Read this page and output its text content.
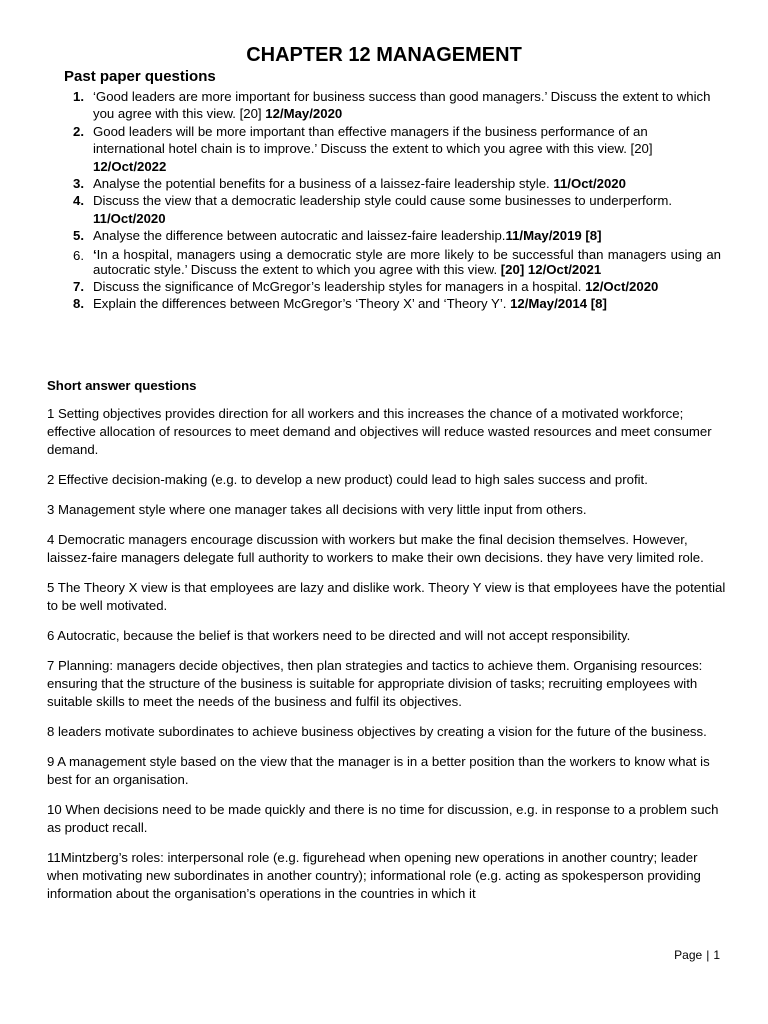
CHAPTER 12 MANAGEMENT
Past paper questions
1. ‘Good leaders are more important for business success than good managers.’ Discuss the extent to which you agree with this view. [20] 12/May/2020
2. Good leaders will be more important than effective managers if the business performance of an international hotel chain is to improve.’ Discuss the extent to which you agree with this view. [20] 12/Oct/2022
3. Analyse the potential benefits for a business of a laissez-faire leadership style. 11/Oct/2020
4. Discuss the view that a democratic leadership style could cause some businesses to underperform. 11/Oct/2020
5. Analyse the difference between autocratic and laissez-faire leadership.11/May/2019 [8]
6. ‘In a hospital, managers using a democratic style are more likely to be successful than managers using an autocratic style.’ Discuss the extent to which you agree with this view. [20] 12/Oct/2021
7. Discuss the significance of McGregor’s leadership styles for managers in a hospital. 12/Oct/2020
8. Explain the differences between McGregor’s ‘Theory X’ and ‘Theory Y’. 12/May/2014 [8]
Short answer questions

1 Setting objectives provides direction for all workers and this increases the chance of a motivated workforce; effective allocation of resources to meet demand and objectives will reduce wasted resources and meet consumer demand.

2 Effective decision-making (e.g. to develop a new product) could lead to high sales success and profit.

3 Management style where one manager takes all decisions with very little input from others.

4 Democratic managers encourage discussion with workers but make the final decision themselves. However, laissez-faire managers delegate full authority to workers to make their own decisions. they have very limited role.

5 The Theory X view is that employees are lazy and dislike work. Theory Y view is that employees have the potential to be well motivated.

6 Autocratic, because the belief is that workers need to be directed and will not accept responsibility.

7 Planning: managers decide objectives, then plan strategies and tactics to achieve them. Organising resources: ensuring that the structure of the business is suitable for appropriate division of tasks; recruiting employees with suitable skills to meet the needs of the business and fulfil its objectives.

8 leaders motivate subordinates to achieve business objectives by creating a vision for the future of the business.

9 A management style based on the view that the manager is in a better position than the workers to know what is best for an organisation.

10 When decisions need to be made quickly and there is no time for discussion, e.g. in response to a problem such as product recall.

11Mintzberg’s roles: interpersonal role (e.g. figurehead when opening new operations in another country; leader when motivating new subordinates in another country); informational role (e.g. acting as spokesperson providing information about the organisation’s operations in the countries in which it

Page | 1
